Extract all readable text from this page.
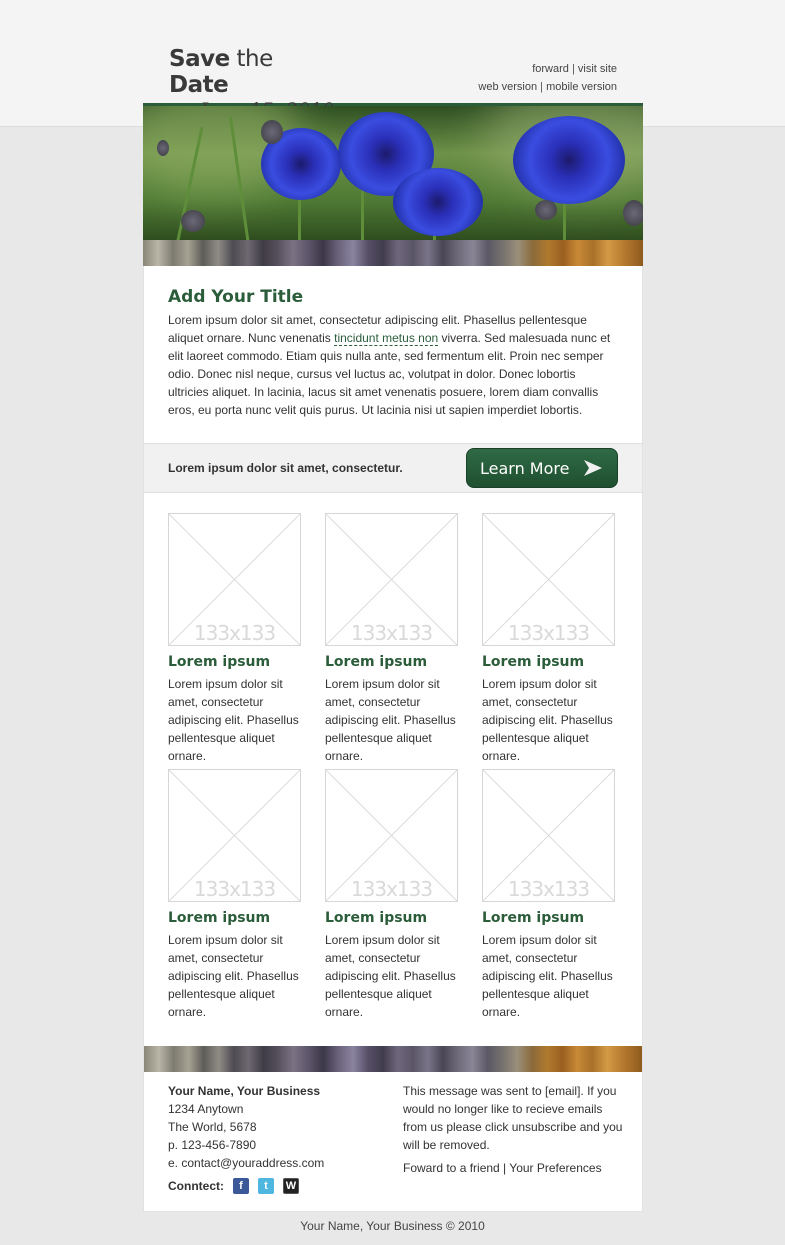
Save the Date
forward | visit site
web version | mobile version
Add Your Title

Lorem ipsum dolor sit amet, consectetur adipiscing elit. Phasellus pellentesque aliquet ornare. Nunc venenatis tincidunt metus non viverra. Sed malesuada nunc et elit laoreet commodo. Etiam quis nulla ante, sed fermentum elit. Proin nec semper odio. Donec nisl neque, cursus vel luctus ac, volutpat in dolor. Donec lobortis ultricies aliquet. In lacinia, lacus sit amet venenatis posuere, lorem diam convallis eros, eu porta nunc velit quis purus. Ut lacinia nisi ut sapien imperdiet lobortis.

Lorem ipsum dolor sit amet, consectetur.	Learn More
133x133
Lorem ipsum

Lorem ipsum dolor sit amet, consectetur adipiscing elit. Phasellus pellentesque aliquet ornare.

133x133
Lorem ipsum

Lorem ipsum dolor sit amet, consectetur adipiscing elit. Phasellus pellentesque aliquet ornare.

133x133
Lorem ipsum

Lorem ipsum dolor sit amet, consectetur adipiscing elit. Phasellus pellentesque aliquet ornare.

133x133
Lorem ipsum

Lorem ipsum dolor sit amet, consectetur adipiscing elit. Phasellus pellentesque aliquet ornare.

133x133
Lorem ipsum

Lorem ipsum dolor sit amet, consectetur adipiscing elit. Phasellus pellentesque aliquet ornare.

133x133
Lorem ipsum

Lorem ipsum dolor sit amet, consectetur adipiscing elit. Phasellus pellentesque aliquet ornare.

Your Name, Your Business
1234 Anytown
The World, 5678
p. 123-456-7890
e. contact@youraddress.com
Conntect:	f	t	W
This message was sent to [email]. If you would no longer like to recieve emails from us please click unsubscribe and you will be removed.
Foward to a friend | Your Preferences
Your Name, Your Business © 2010
